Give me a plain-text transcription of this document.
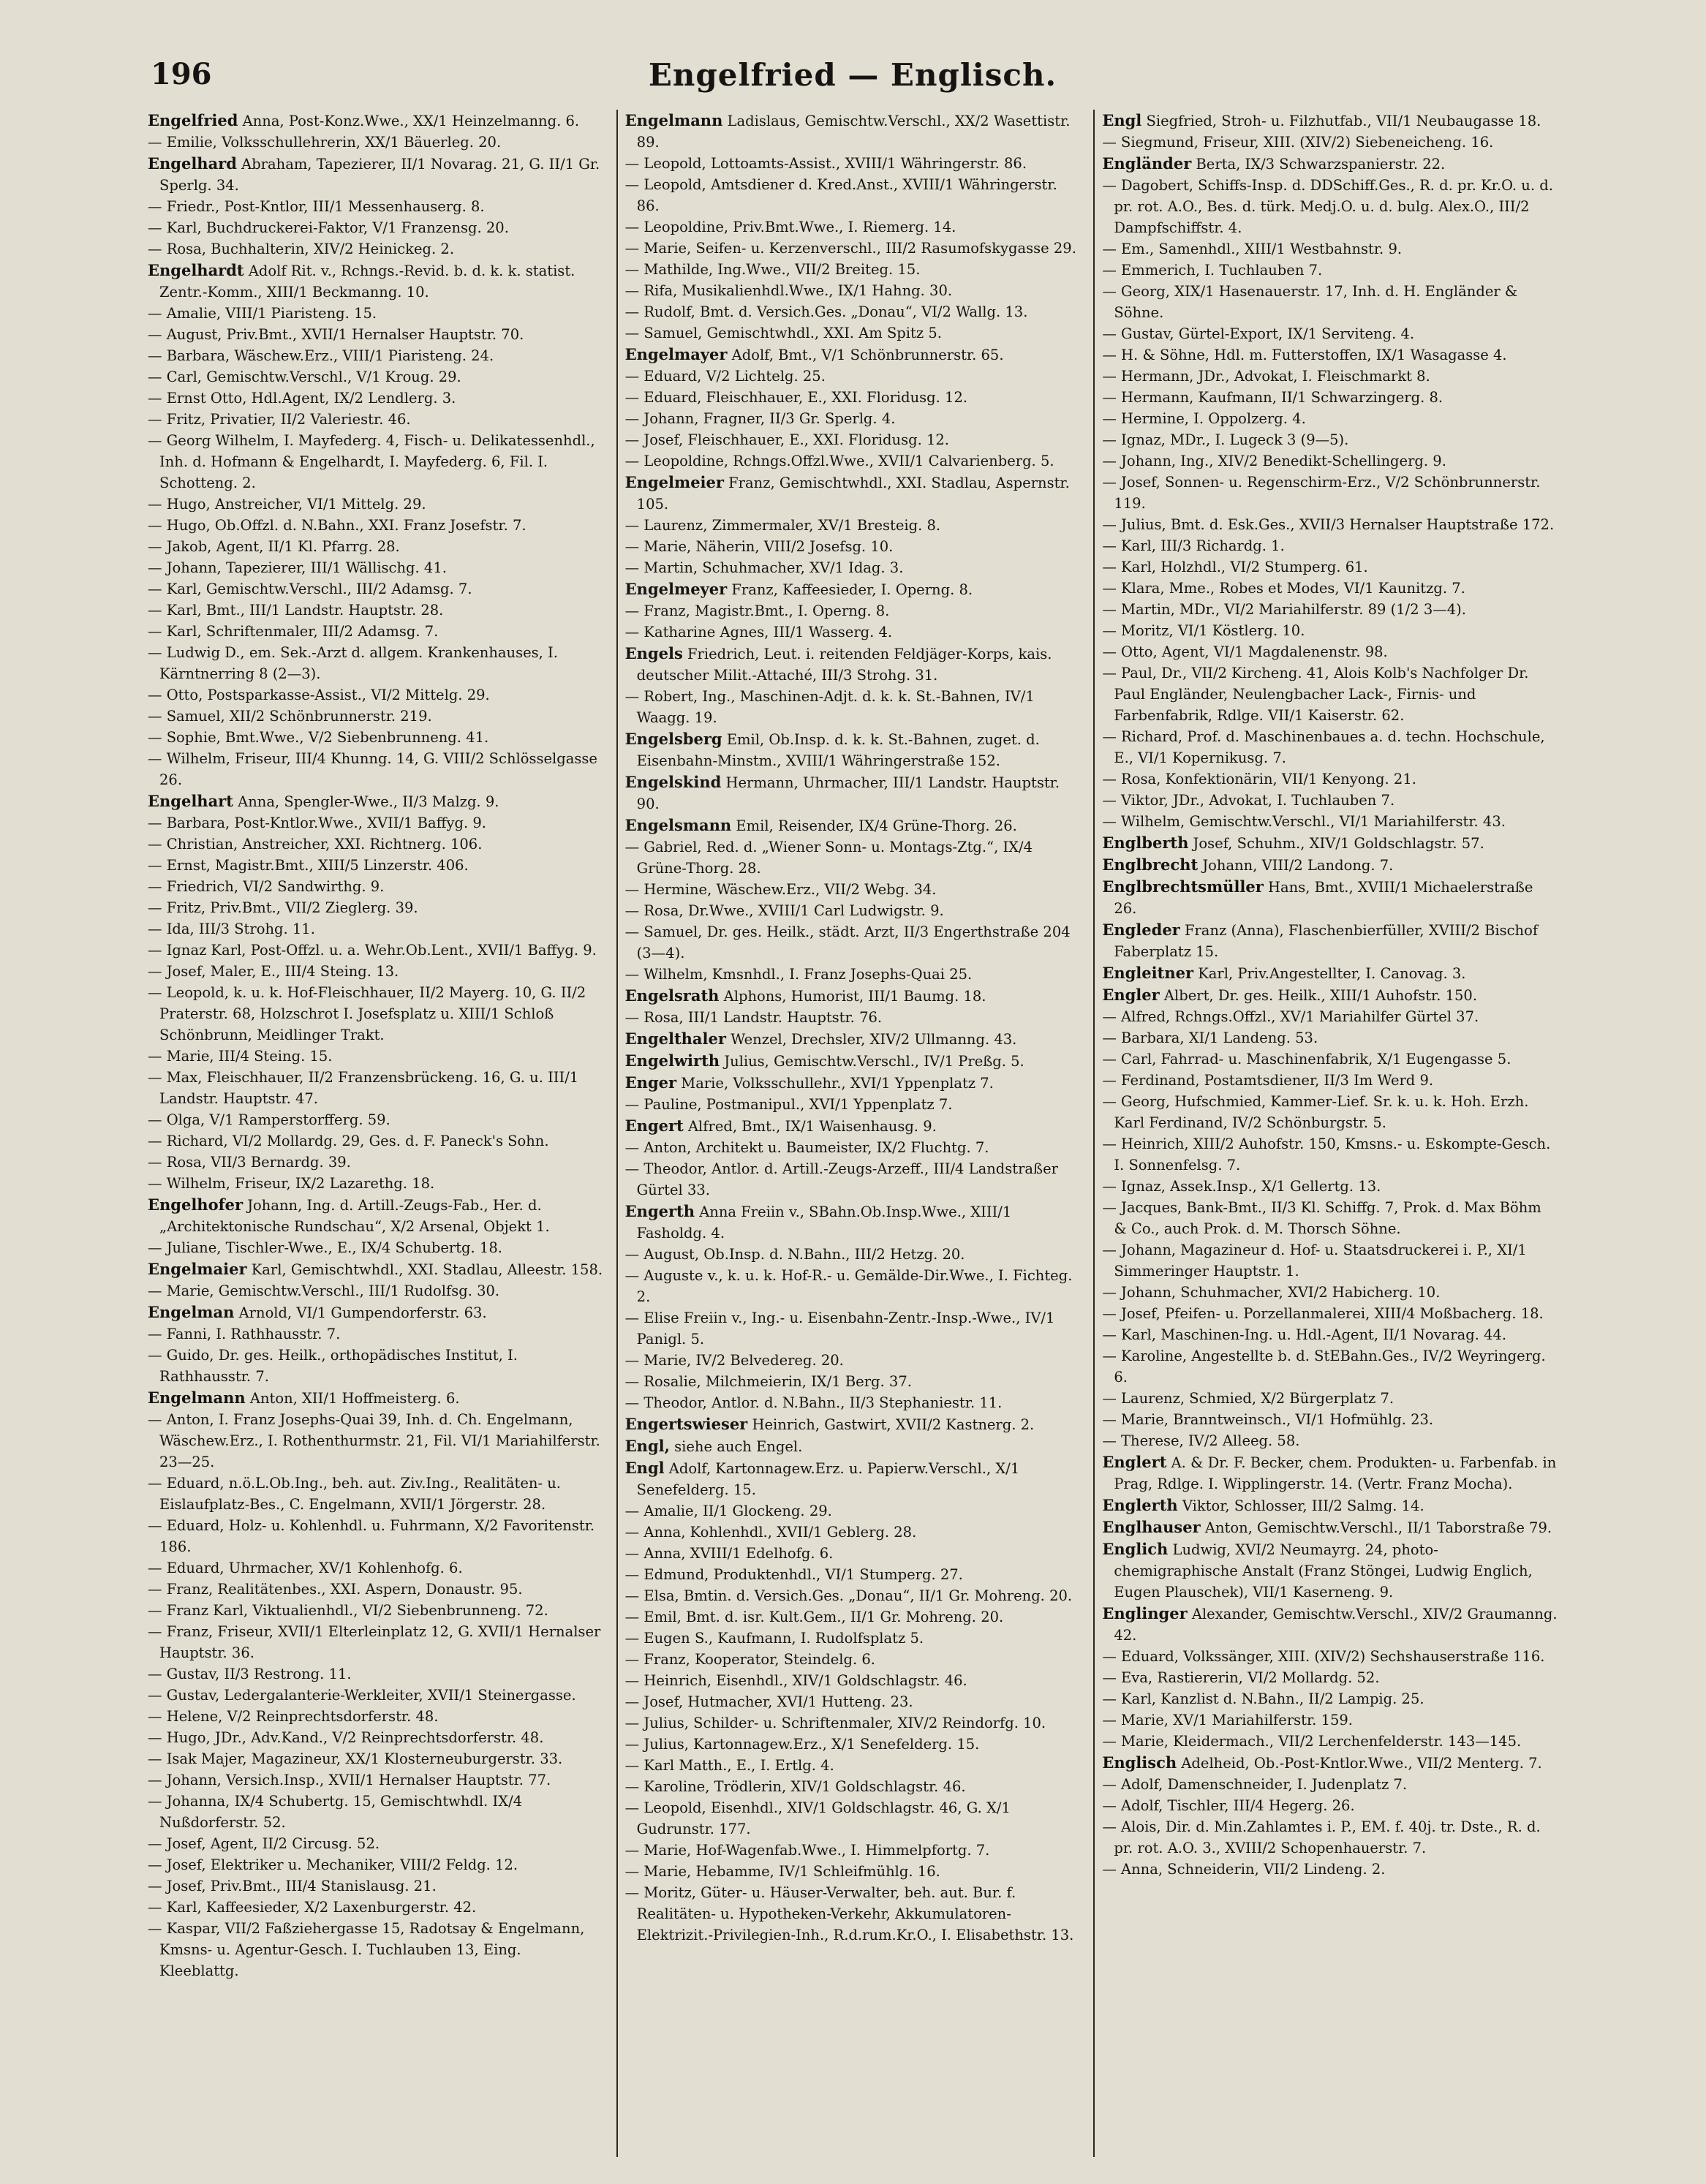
196	Engelfried — Englisch.

Engelfried Anna, Post-Konz.Wwe., XX/1 Heinzelmanng. 6.

— Emilie, Volksschullehrerin, XX/1 Bäuerleg. 20.

Engelhard Abraham, Tapezierer, II/1 Novarag. 21, G. II/1 Gr. Sperlg. 34.

— Friedr., Post-Kntlor, III/1 Messenhauserg. 8.

— Karl, Buchdruckerei-Faktor, V/1 Franzensg. 20.

— Rosa, Buchhalterin, XIV/2 Heinickeg. 2.

Engelhardt Adolf Rit. v., Rchngs.-Revid. b. d. k. k. statist. Zentr.-Komm., XIII/1 Beckmanng. 10.

— Amalie, VIII/1 Piaristeng. 15.

— August, Priv.Bmt., XVII/1 Hernalser Hauptstr. 70.

— Barbara, Wäschew.Erz., VIII/1 Piaristeng. 24.

— Carl, Gemischtw.Verschl., V/1 Kroug. 29.

— Ernst Otto, Hdl.Agent, IX/2 Lendlerg. 3.

— Fritz, Privatier, II/2 Valeriestr. 46.

— Georg Wilhelm, I. Mayfederg. 4, Fisch- u. Delikatessenhdl., Inh. d. Hofmann & Engelhardt, I. Mayfederg. 6, Fil. I. Schotteng. 2.

— Hugo, Anstreicher, VI/1 Mittelg. 29.

— Hugo, Ob.Offzl. d. N.Bahn., XXI. Franz Josefstr. 7.

— Jakob, Agent, II/1 Kl. Pfarrg. 28.

— Johann, Tapezierer, III/1 Wällischg. 41.

— Karl, Gemischtw.Verschl., III/2 Adamsg. 7.

— Karl, Bmt., III/1 Landstr. Hauptstr. 28.

— Karl, Schriftenmaler, III/2 Adamsg. 7.

— Ludwig D., em. Sek.-Arzt d. allgem. Krankenhauses, I. Kärntnerring 8 (2—3).

— Otto, Postsparkasse-Assist., VI/2 Mittelg. 29.

— Samuel, XII/2 Schönbrunnerstr. 219.

— Sophie, Bmt.Wwe., V/2 Siebenbrunneng. 41.

— Wilhelm, Friseur, III/4 Khunng. 14, G. VIII/2 Schlösselgasse 26.

Engelhart Anna, Spengler-Wwe., II/3 Malzg. 9.

— Barbara, Post-Kntlor.Wwe., XVII/1 Baffyg. 9.

— Christian, Anstreicher, XXI. Richtnerg. 106.

— Ernst, Magistr.Bmt., XIII/5 Linzerstr. 406.

— Friedrich, VI/2 Sandwirthg. 9.

— Fritz, Priv.Bmt., VII/2 Zieglerg. 39.

— Ida, III/3 Strohg. 11.

— Ignaz Karl, Post-Offzl. u. a. Wehr.Ob.Lent., XVII/1 Baffyg. 9.

— Josef, Maler, E., III/4 Steing. 13.

— Leopold, k. u. k. Hof-Fleischhauer, II/2 Mayerg. 10, G. II/2 Praterstr. 68, Holzschrot I. Josefsplatz u. XIII/1 Schloß Schönbrunn, Meidlinger Trakt.

— Marie, III/4 Steing. 15.

— Max, Fleischhauer, II/2 Franzensbrückeng. 16, G. u. III/1 Landstr. Hauptstr. 47.

— Olga, V/1 Ramperstorfferg. 59.

— Richard, VI/2 Mollardg. 29, Ges. d. F. Paneck's Sohn.

— Rosa, VII/3 Bernardg. 39.

— Wilhelm, Friseur, IX/2 Lazarethg. 18.

Engelhofer Johann, Ing. d. Artill.-Zeugs-Fab., Her. d. „Architektonische Rundschau“, X/2 Arsenal, Objekt 1.

— Juliane, Tischler-Wwe., E., IX/4 Schubertg. 18.

Engelmaier Karl, Gemischtwhdl., XXI. Stadlau, Alleestr. 158.

— Marie, Gemischtw.Verschl., III/1 Rudolfsg. 30.

Engelman Arnold, VI/1 Gumpendorferstr. 63.

— Fanni, I. Rathhausstr. 7.

— Guido, Dr. ges. Heilk., orthopädisches Institut, I. Rathhausstr. 7.

Engelmann Anton, XII/1 Hoffmeisterg. 6.

— Anton, I. Franz Josephs-Quai 39, Inh. d. Ch. Engelmann, Wäschew.Erz., I. Rothenthurmstr. 21, Fil. VI/1 Mariahilferstr. 23—25.

— Eduard, n.ö.L.Ob.Ing., beh. aut. Ziv.Ing., Realitäten- u. Eislaufplatz-Bes., C. Engelmann, XVII/1 Jörgerstr. 28.

— Eduard, Holz- u. Kohlenhdl. u. Fuhrmann, X/2 Favoritenstr. 186.

— Eduard, Uhrmacher, XV/1 Kohlenhofg. 6.

— Franz, Realitätenbes., XXI. Aspern, Donaustr. 95.

— Franz Karl, Viktualienhdl., VI/2 Siebenbrunneng. 72.

— Franz, Friseur, XVII/1 Elterleinplatz 12, G. XVII/1 Hernalser Hauptstr. 36.

— Gustav, II/3 Restrong. 11.

— Gustav, Ledergalanterie-Werkleiter, XVII/1 Steinergasse.

— Helene, V/2 Reinprechtsdorferstr. 48.

— Hugo, JDr., Adv.Kand., V/2 Reinprechtsdorferstr. 48.

— Isak Majer, Magazineur, XX/1 Klosterneuburgerstr. 33.

— Johann, Versich.Insp., XVII/1 Hernalser Hauptstr. 77.

— Johanna, IX/4 Schubertg. 15, Gemischtwhdl. IX/4 Nußdorferstr. 52.

— Josef, Agent, II/2 Circusg. 52.

— Josef, Elektriker u. Mechaniker, VIII/2 Feldg. 12.

— Josef, Priv.Bmt., III/4 Stanislausg. 21.

— Karl, Kaffeesieder, X/2 Laxenburgerstr. 42.

— Kaspar, VII/2 Faßziehergasse 15, Radotsay & Engelmann, Kmsns- u. Agentur-Gesch. I. Tuchlauben 13, Eing. Kleeblattg.

Engelmann Ladislaus, Gemischtw.Verschl., XX/2 Wasettistr. 89.

— Leopold, Lottoamts-Assist., XVIII/1 Währingerstr. 86.

— Leopold, Amtsdiener d. Kred.Anst., XVIII/1 Währingerstr. 86.

— Leopoldine, Priv.Bmt.Wwe., I. Riemerg. 14.

— Marie, Seifen- u. Kerzenverschl., III/2 Rasumofskygasse 29.

— Mathilde, Ing.Wwe., VII/2 Breiteg. 15.

— Rifa, Musikalienhdl.Wwe., IX/1 Hahng. 30.

— Rudolf, Bmt. d. Versich.Ges. „Donau“, VI/2 Wallg. 13.

— Samuel, Gemischtwhdl., XXI. Am Spitz 5.

Engelmayer Adolf, Bmt., V/1 Schönbrunnerstr. 65.

— Eduard, V/2 Lichtelg. 25.

— Eduard, Fleischhauer, E., XXI. Floridusg. 12.

— Johann, Fragner, II/3 Gr. Sperlg. 4.

— Josef, Fleischhauer, E., XXI. Floridusg. 12.

— Leopoldine, Rchngs.Offzl.Wwe., XVII/1 Calvarienberg. 5.

Engelmeier Franz, Gemischtwhdl., XXI. Stadlau, Aspernstr. 105.

— Laurenz, Zimmermaler, XV/1 Bresteig. 8.

— Marie, Näherin, VIII/2 Josefsg. 10.

— Martin, Schuhmacher, XV/1 Idag. 3.

Engelmeyer Franz, Kaffeesieder, I. Operng. 8.

— Franz, Magistr.Bmt., I. Operng. 8.

— Katharine Agnes, III/1 Wasserg. 4.

Engels Friedrich, Leut. i. reitenden Feldjäger-Korps, kais. deutscher Milit.-Attaché, III/3 Strohg. 31.

— Robert, Ing., Maschinen-Adjt. d. k. k. St.-Bahnen, IV/1 Waagg. 19.

Engelsberg Emil, Ob.Insp. d. k. k. St.-Bahnen, zuget. d. Eisenbahn-Minstm., XVIII/1 Währingerstraße 152.

Engelskind Hermann, Uhrmacher, III/1 Landstr. Hauptstr. 90.

Engelsmann Emil, Reisender, IX/4 Grüne-Thorg. 26.

— Gabriel, Red. d. „Wiener Sonn- u. Montags-Ztg.“, IX/4 Grüne-Thorg. 28.

— Hermine, Wäschew.Erz., VII/2 Webg. 34.

— Rosa, Dr.Wwe., XVIII/1 Carl Ludwigstr. 9.

— Samuel, Dr. ges. Heilk., städt. Arzt, II/3 Engerthstraße 204 (3—4).

— Wilhelm, Kmsnhdl., I. Franz Josephs-Quai 25.

Engelsrath Alphons, Humorist, III/1 Baumg. 18.

— Rosa, III/1 Landstr. Hauptstr. 76.

Engelthaler Wenzel, Drechsler, XIV/2 Ullmanng. 43.

Engelwirth Julius, Gemischtw.Verschl., IV/1 Preßg. 5.

Enger Marie, Volksschullehr., XVI/1 Yppenplatz 7.

— Pauline, Postmanipul., XVI/1 Yppenplatz 7.

Engert Alfred, Bmt., IX/1 Waisenhausg. 9.

— Anton, Architekt u. Baumeister, IX/2 Fluchtg. 7.

— Theodor, Antlor. d. Artill.-Zeugs-Arzeff., III/4 Landstraßer Gürtel 33.

Engerth Anna Freiin v., SBahn.Ob.Insp.Wwe., XIII/1 Fasholdg. 4.

— August, Ob.Insp. d. N.Bahn., III/2 Hetzg. 20.

— Auguste v., k. u. k. Hof-R.- u. Gemälde-Dir.Wwe., I. Fichteg. 2.

— Elise Freiin v., Ing.- u. Eisenbahn-Zentr.-Insp.-Wwe., IV/1 Panigl. 5.

— Marie, IV/2 Belvedereg. 20.

— Rosalie, Milchmeierin, IX/1 Berg. 37.

— Theodor, Antlor. d. N.Bahn., II/3 Stephaniestr. 11.

Engertswieser Heinrich, Gastwirt, XVII/2 Kastnerg. 2.

Engl, siehe auch Engel.

Engl Adolf, Kartonnagew.Erz. u. Papierw.Verschl., X/1 Senefelderg. 15.

— Amalie, II/1 Glockeng. 29.

— Anna, Kohlenhdl., XVII/1 Geblerg. 28.

— Anna, XVIII/1 Edelhofg. 6.

— Edmund, Produktenhdl., VI/1 Stumperg. 27.

— Elsa, Bmtin. d. Versich.Ges. „Donau“, II/1 Gr. Mohreng. 20.

— Emil, Bmt. d. isr. Kult.Gem., II/1 Gr. Mohreng. 20.

— Eugen S., Kaufmann, I. Rudolfsplatz 5.

— Franz, Kooperator, Steindelg. 6.

— Heinrich, Eisenhdl., XIV/1 Goldschlagstr. 46.

— Josef, Hutmacher, XVI/1 Hutteng. 23.

— Julius, Schilder- u. Schriftenmaler, XIV/2 Reindorfg. 10.

— Julius, Kartonnagew.Erz., X/1 Senefelderg. 15.

— Karl Matth., E., I. Ertlg. 4.

— Karoline, Trödlerin, XIV/1 Goldschlagstr. 46.

— Leopold, Eisenhdl., XIV/1 Goldschlagstr. 46, G. X/1 Gudrunstr. 177.

— Marie, Hof-Wagenfab.Wwe., I. Himmelpfortg. 7.

— Marie, Hebamme, IV/1 Schleifmühlg. 16.

— Moritz, Güter- u. Häuser-Verwalter, beh. aut. Bur. f. Realitäten- u. Hypotheken-Verkehr, Akkumulatoren-Elektrizit.-Privilegien-Inh., R.d.rum.Kr.O., I. Elisabethstr. 13.

Engl Siegfried, Stroh- u. Filzhutfab., VII/1 Neubaugasse 18.

— Siegmund, Friseur, XIII. (XIV/2) Siebeneicheng. 16.

Engländer Berta, IX/3 Schwarzspanierstr. 22.

— Dagobert, Schiffs-Insp. d. DDSchiff.Ges., R. d. pr. Kr.O. u. d. pr. rot. A.O., Bes. d. türk. Medj.O. u. d. bulg. Alex.O., III/2 Dampfschiffstr. 4.

— Em., Samenhdl., XIII/1 Westbahnstr. 9.

— Emmerich, I. Tuchlauben 7.

— Georg, XIX/1 Hasenauerstr. 17, Inh. d. H. Engländer & Söhne.

— Gustav, Gürtel-Export, IX/1 Serviteng. 4.

— H. & Söhne, Hdl. m. Futterstoffen, IX/1 Wasagasse 4.

— Hermann, JDr., Advokat, I. Fleischmarkt 8.

— Hermann, Kaufmann, II/1 Schwarzingerg. 8.

— Hermine, I. Oppolzerg. 4.

— Ignaz, MDr., I. Lugeck 3 (9—5).

— Johann, Ing., XIV/2 Benedikt-Schellingerg. 9.

— Josef, Sonnen- u. Regenschirm-Erz., V/2 Schönbrunnerstr. 119.

— Julius, Bmt. d. Esk.Ges., XVII/3 Hernalser Hauptstraße 172.

— Karl, III/3 Richardg. 1.

— Karl, Holzhdl., VI/2 Stumperg. 61.

— Klara, Mme., Robes et Modes, VI/1 Kaunitzg. 7.

— Martin, MDr., VI/2 Mariahilferstr. 89 (1/2 3—4).

— Moritz, VI/1 Köstlerg. 10.

— Otto, Agent, VI/1 Magdalenenstr. 98.

— Paul, Dr., VII/2 Kircheng. 41, Alois Kolb's Nachfolger Dr. Paul Engländer, Neulengbacher Lack-, Firnis- und Farbenfabrik, Rdlge. VII/1 Kaiserstr. 62.

— Richard, Prof. d. Maschinenbaues a. d. techn. Hochschule, E., VI/1 Kopernikusg. 7.

— Rosa, Konfektionärin, VII/1 Kenyong. 21.

— Viktor, JDr., Advokat, I. Tuchlauben 7.

— Wilhelm, Gemischtw.Verschl., VI/1 Mariahilferstr. 43.

Englberth Josef, Schuhm., XIV/1 Goldschlagstr. 57.

Englbrecht Johann, VIII/2 Landong. 7.

Englbrechtsmüller Hans, Bmt., XVIII/1 Michaelerstraße 26.

Engleder Franz (Anna), Flaschenbierfüller, XVIII/2 Bischof Faberplatz 15.

Engleitner Karl, Priv.Angestellter, I. Canovag. 3.

Engler Albert, Dr. ges. Heilk., XIII/1 Auhofstr. 150.

— Alfred, Rchngs.Offzl., XV/1 Mariahilfer Gürtel 37.

— Barbara, XI/1 Landeng. 53.

— Carl, Fahrrad- u. Maschinenfabrik, X/1 Eugengasse 5.

— Ferdinand, Postamtsdiener, II/3 Im Werd 9.

— Georg, Hufschmied, Kammer-Lief. Sr. k. u. k. Hoh. Erzh. Karl Ferdinand, IV/2 Schönburgstr. 5.

— Heinrich, XIII/2 Auhofstr. 150, Kmsns.- u. Eskompte-Gesch. I. Sonnenfelsg. 7.

— Ignaz, Assek.Insp., X/1 Gellertg. 13.

— Jacques, Bank-Bmt., II/3 Kl. Schiffg. 7, Prok. d. Max Böhm & Co., auch Prok. d. M. Thorsch Söhne.

— Johann, Magazineur d. Hof- u. Staatsdruckerei i. P., XI/1 Simmeringer Hauptstr. 1.

— Johann, Schuhmacher, XVI/2 Habicherg. 10.

— Josef, Pfeifen- u. Porzellanmalerei, XIII/4 Moßbacherg. 18.

— Karl, Maschinen-Ing. u. Hdl.-Agent, II/1 Novarag. 44.

— Karoline, Angestellte b. d. StEBahn.Ges., IV/2 Weyringerg. 6.

— Laurenz, Schmied, X/2 Bürgerplatz 7.

— Marie, Branntweinsch., VI/1 Hofmühlg. 23.

— Therese, IV/2 Alleeg. 58.

Englert A. & Dr. F. Becker, chem. Produkten- u. Farbenfab. in Prag, Rdlge. I. Wipplingerstr. 14. (Vertr. Franz Mocha).

Englerth Viktor, Schlosser, III/2 Salmg. 14.

Englhauser Anton, Gemischtw.Verschl., II/1 Taborstraße 79.

Englich Ludwig, XVI/2 Neumayrg. 24, photo-chemigraphische Anstalt (Franz Stöngei, Ludwig Englich, Eugen Plauschek), VII/1 Kaserneng. 9.

Englinger Alexander, Gemischtw.Verschl., XIV/2 Graumanng. 42.

— Eduard, Volkssänger, XIII. (XIV/2) Sechshauserstraße 116.

— Eva, Rastiererin, VI/2 Mollardg. 52.

— Karl, Kanzlist d. N.Bahn., II/2 Lampig. 25.

— Marie, XV/1 Mariahilferstr. 159.

— Marie, Kleidermach., VII/2 Lerchenfelderstr. 143—145.

Englisch Adelheid, Ob.-Post-Kntlor.Wwe., VII/2 Menterg. 7.

— Adolf, Damenschneider, I. Judenplatz 7.

— Adolf, Tischler, III/4 Hegerg. 26.

— Alois, Dir. d. Min.Zahlamtes i. P., EM. f. 40j. tr. Dste., R. d. pr. rot. A.O. 3., XVIII/2 Schopenhauerstr. 7.

— Anna, Schneiderin, VII/2 Lindeng. 2.
